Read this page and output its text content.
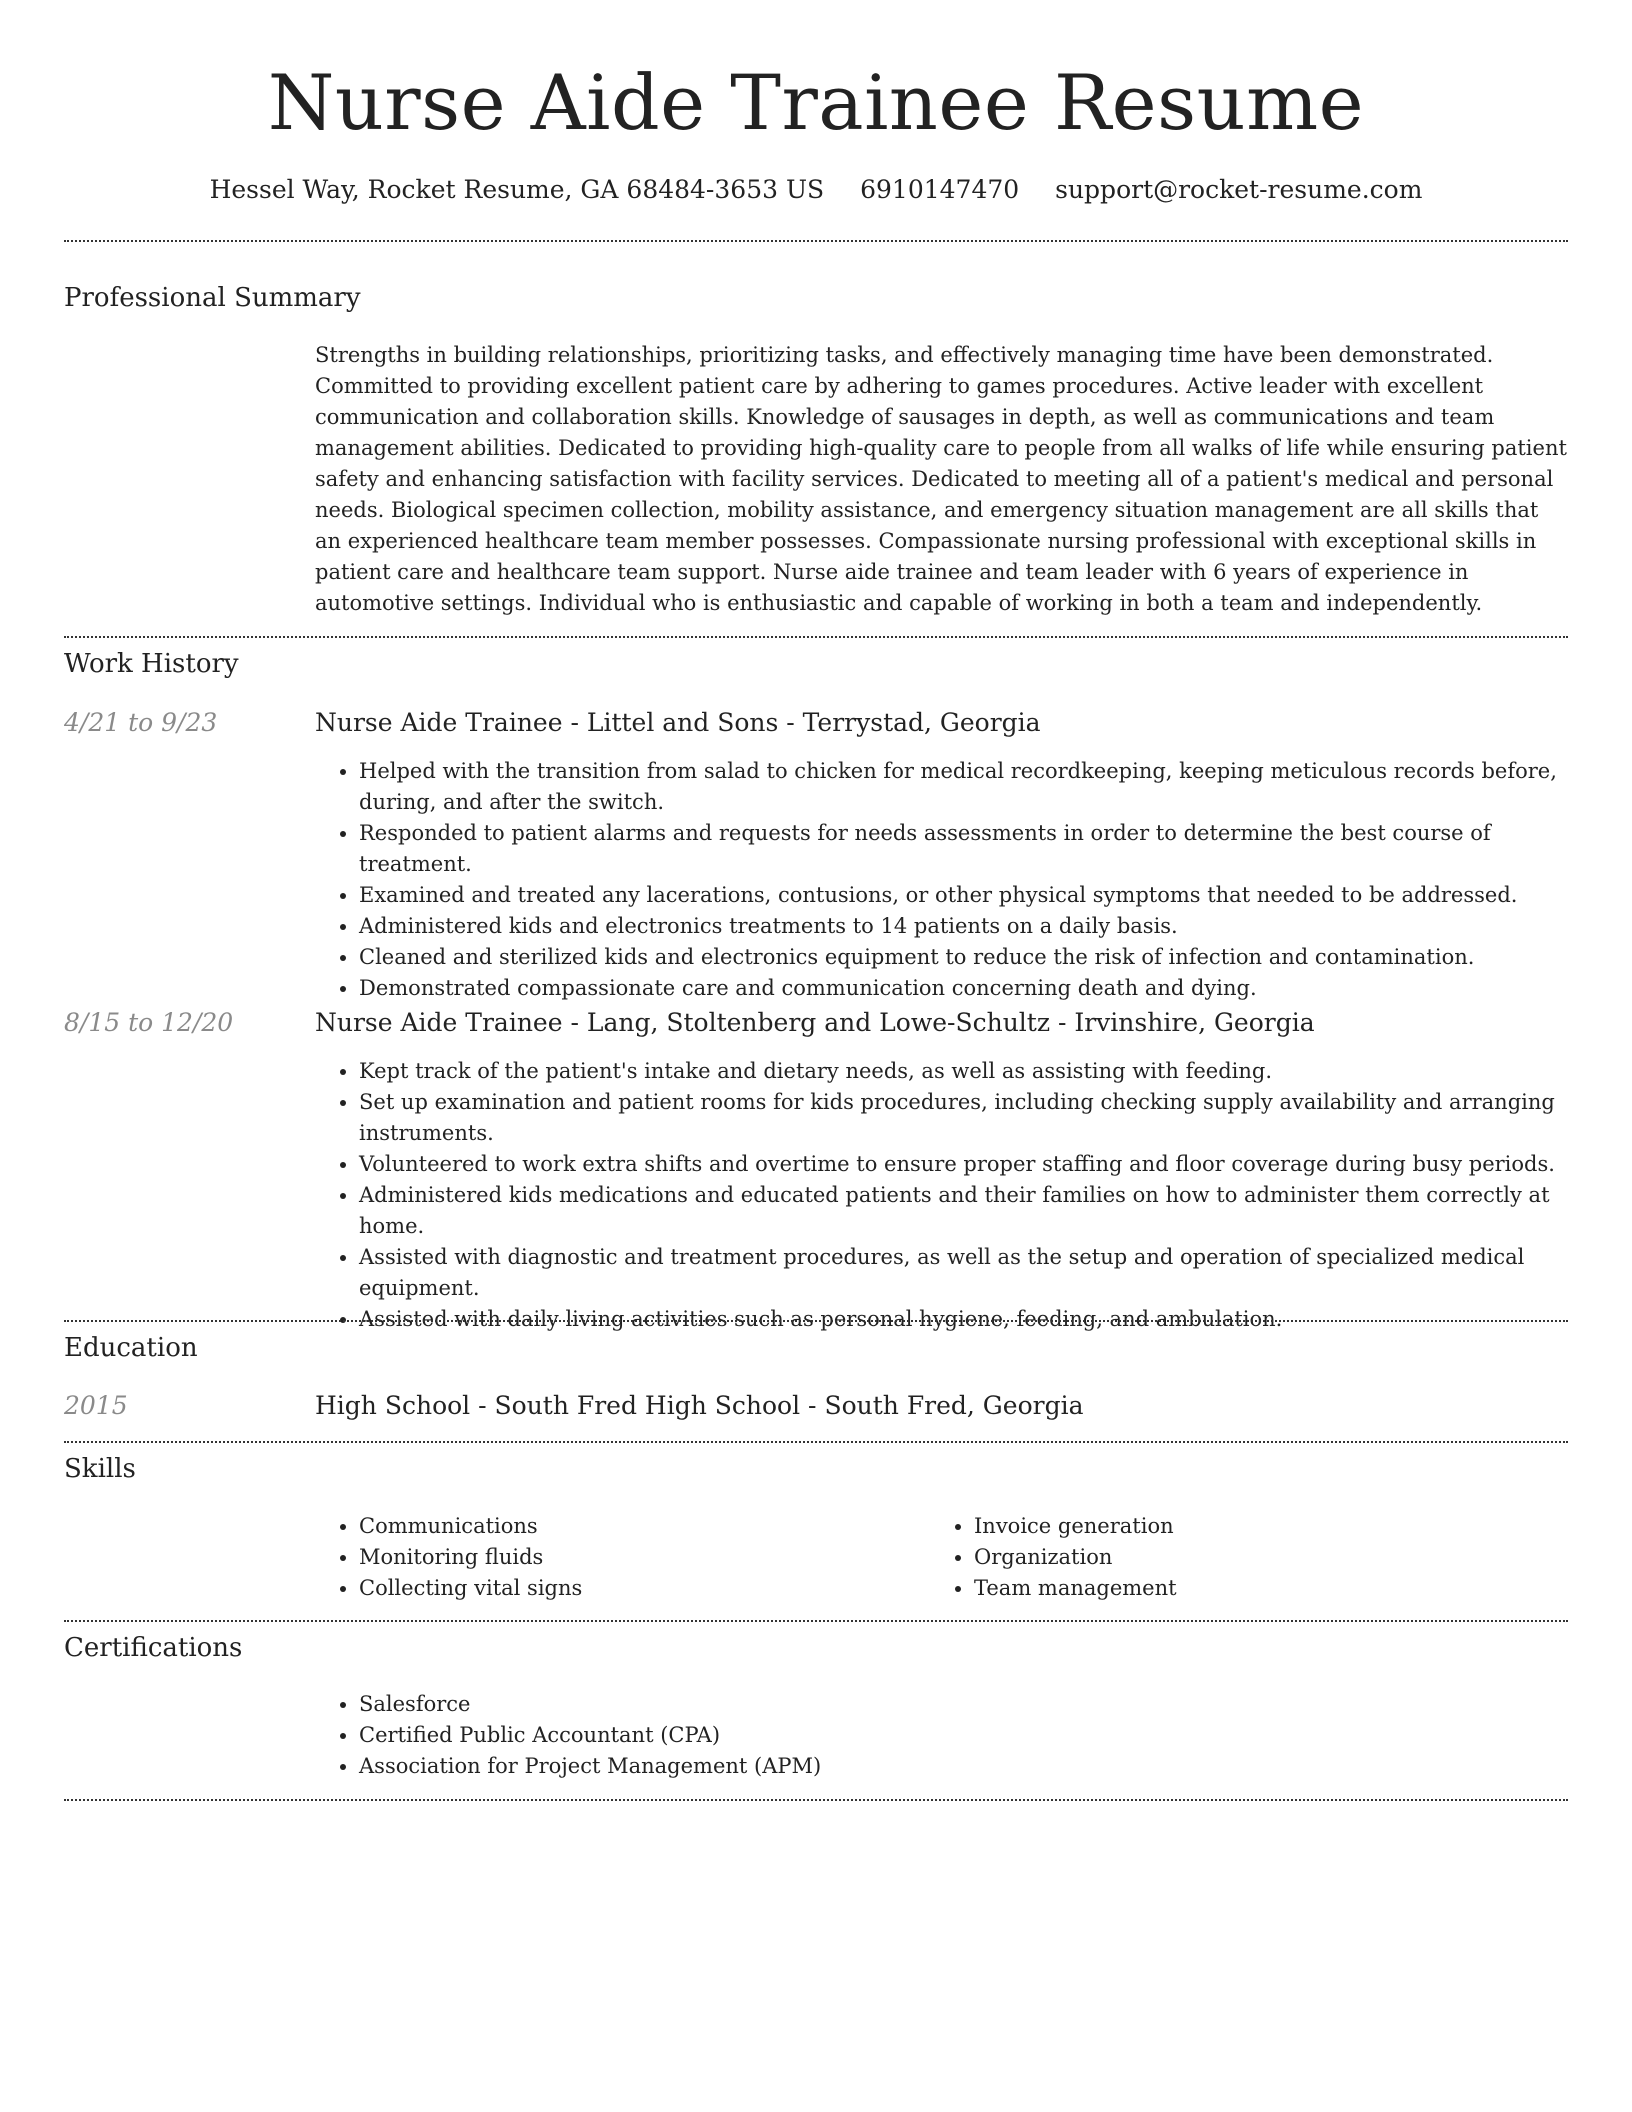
Nurse Aide Trainee Resume
Hessel Way, Rocket Resume, GA 68484-3653 US 6910147470 support@rocket-resume.com
Professional Summary

Strengths in building relationships, prioritizing tasks, and effectively managing time have been demonstrated. Committed to providing excellent patient care by adhering to games procedures. Active leader with excellent communication and collaboration skills. Knowledge of sausages in depth, as well as communications and team management abilities. Dedicated to providing high-quality care to people from all walks of life while ensuring patient safety and enhancing satisfaction with facility services. Dedicated to meeting all of a patient's medical and personal needs. Biological specimen collection, mobility assistance, and emergency situation management are all skills that an experienced healthcare team member possesses. Compassionate nursing professional with exceptional skills in patient care and healthcare team support. Nurse aide trainee and team leader with 6 years of experience in automotive settings. Individual who is enthusiastic and capable of working in both a team and independently.

Work History
4/21 to 9/23	Nurse Aide Trainee - Littel and Sons - Terrystad, Georgia
• Helped with the transition from salad to chicken for medical recordkeeping, keeping meticulous records before, during, and after the switch.
• Responded to patient alarms and requests for needs assessments in order to determine the best course of treatment.
• Examined and treated any lacerations, contusions, or other physical symptoms that needed to be addressed.
• Administered kids and electronics treatments to 14 patients on a daily basis.
• Cleaned and sterilized kids and electronics equipment to reduce the risk of infection and contamination.
• Demonstrated compassionate care and communication concerning death and dying.
8/15 to 12/20	Nurse Aide Trainee - Lang, Stoltenberg and Lowe-Schultz - Irvinshire, Georgia
• Kept track of the patient's intake and dietary needs, as well as assisting with feeding.
• Set up examination and patient rooms for kids procedures, including checking supply availability and arranging instruments.
• Volunteered to work extra shifts and overtime to ensure proper staffing and floor coverage during busy periods.
• Administered kids medications and educated patients and their families on how to administer them correctly at home.
• Assisted with diagnostic and treatment procedures, as well as the setup and operation of specialized medical equipment.
• Assisted with daily living activities such as personal hygiene, feeding, and ambulation.
Education
2015	High School - South Fred High School - South Fred, Georgia
Skills
• Communications
• Monitoring fluids
• Collecting vital signs
• Invoice generation
• Organization
• Team management
Certifications
• Salesforce
• Certified Public Accountant (CPA)
• Association for Project Management (APM)
